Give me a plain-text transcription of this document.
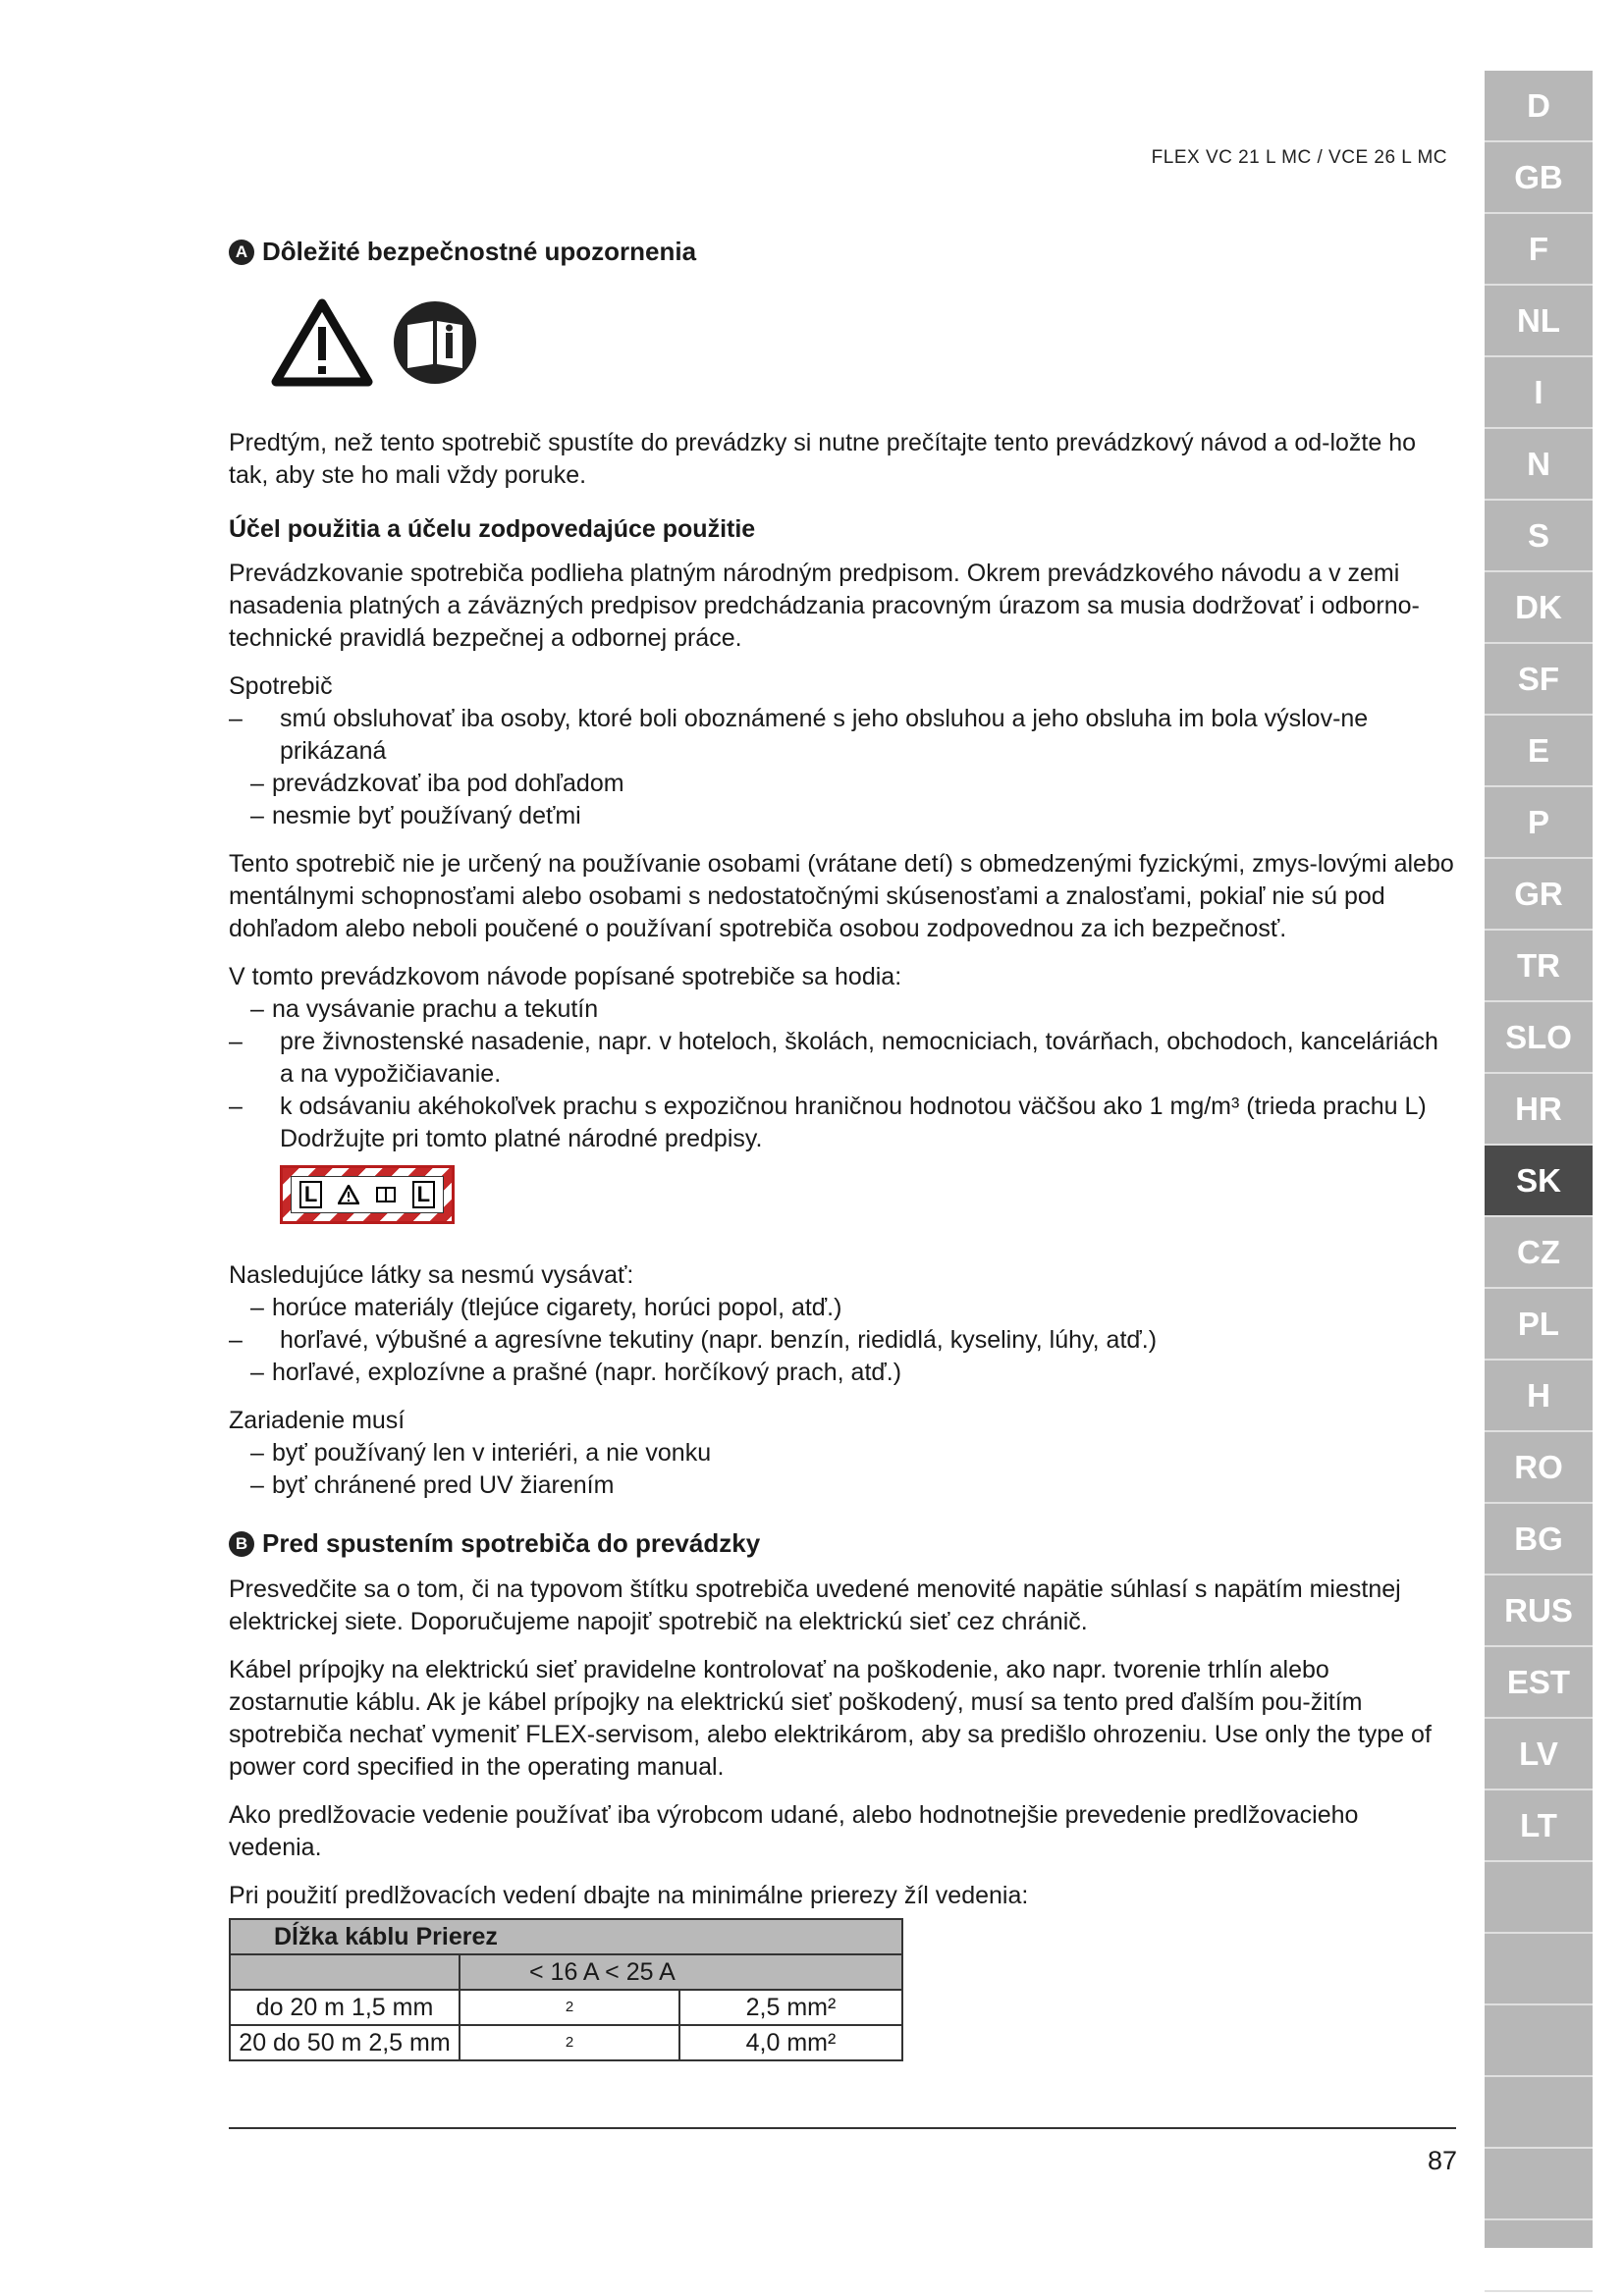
FLEX VC 21 L MC / VCE 26 L MC
A Dôležité bezpečnostné upozornenia

Predtým, než tento spotrebič spustíte do prevádzky si nutne prečítajte tento prevádzkový návod a od-ložte ho tak, aby ste ho mali vždy poruke.

Účel použitia a účelu zodpovedajúce použitie

Prevádzkovanie spotrebiča podlieha platným národným predpisom. Okrem prevádzkového návodu a v zemi nasadenia platných a záväzných predpisov predchádzania pracovným úrazom sa musia dodržovať i odborno-technické pravidlá bezpečnej a odbornej práce.

Spotrebič
–	smú obsluhovať iba osoby, ktoré boli oboznámené s jeho obsluhou a jeho obsluha im bola výslov-ne prikázaná
– prevádzkovať iba pod dohľadom
– nesmie byť používaný deťmi

Tento spotrebič nie je určený na používanie osobami (vrátane detí) s obmedzenými fyzickými, zmys-lovými alebo mentálnymi schopnosťami alebo osobami s nedostatočnými skúsenosťami a znalosťami, pokiaľ nie sú pod dohľadom alebo neboli poučené o používaní spotrebiča osobou zodpovednou za ich bezpečnosť.

V tomto prevádzkovom návode popísané spotrebiče sa hodia:
– na vysávanie prachu a tekutín
–	pre živnostenské nasadenie, napr. v hoteloch, školách, nemocniciach, továrňach, obchodoch, kanceláriách a na vypožičiavanie.
–	k odsávaniu akéhokoľvek prachu s expozičnou hraničnou hodnotou väčšou ako 1 mg/m³ (trieda prachu L) Dodržujte pri tomto platné národné predpisy.
L	L
Nasledujúce látky sa nesmú vysávať:
– horúce materiály (tlejúce cigarety, horúci popol, atď.)
–	horľavé, výbušné a agresívne tekutiny (napr. benzín, riedidlá, kyseliny, lúhy, atď.)
– horľavé, explozívne a prašné (napr. horčíkový prach, atď.)
Zariadenie musí
– byť používaný len v interiéri, a nie vonku
– byť chránené pred UV žiarením
B Pred spustením spotrebiča do prevádzky

Presvedčite sa o tom, či na typovom štítku spotrebiča uvedené menovité napätie súhlasí s napätím miestnej elektrickej siete. Doporučujeme napojiť spotrebič na elektrickú sieť cez chránič.

Kábel prípojky na elektrickú sieť pravidelne kontrolovať na poškodenie, ako napr. tvorenie trhlín alebo zostarnutie káblu. Ak je kábel prípojky na elektrickú sieť poškodený, musí sa tento pred ďalším pou-žitím spotrebiča nechať vymeniť FLEX-servisom, alebo elektrikárom, aby sa predišlo ohrozeniu. Use only the type of power cord specified in the operating manual.

Ako predlžovacie vedenie používať iba výrobcom udané, alebo hodnotnejšie prevedenie predlžovacieho vedenia.

Pri použití predlžovacích vedení dbajte na minimálne prierezy žíl vedenia:

Dĺžka káblu Prierez		
	< 16 A < 25 A	
do 20 m 1,5 mm	2	2,5 mm²
20 do 50 m 2,5 mm	2	4,0 mm²
87
D
GB
F
NL
I
N
S
DK
SF
E
P
GR
TR
SLO
HR
SK
CZ
PL
H
RO
BG
RUS
EST
LV
LT
